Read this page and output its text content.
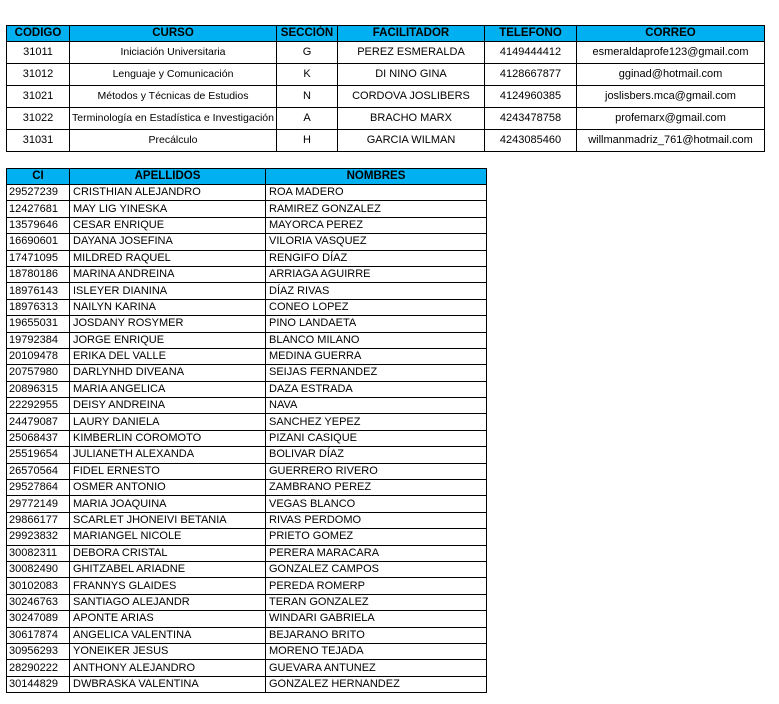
CODIGO	CURSO	SECCIÓN	FACILITADOR	TELEFONO	CORREO
31011	Iniciación Universitaria	G	PEREZ ESMERALDA	4149444412	esmeraldaprofe123@gmail.com
31012	Lenguaje y Comunicación	K	DI NINO GINA	4128667877	gginad@hotmail.com
31021	Métodos y Técnicas de Estudios	N	CORDOVA JOSLIBERS	4124960385	joslisbers.mca@gmail.com
31022	Terminología en Estadística e Investigación	A	BRACHO MARX	4243478758	profemarx@gmail.com
31031	Precálculo	H	GARCIA WILMAN	4243085460	willmanmadriz_761@hotmail.com
CI	APELLIDOS	NOMBRES
29527239	CRISTHIAN ALEJANDRO	ROA MADERO
12427681	MAY LIG YINESKA	RAMIREZ GONZALEZ
13579646	CESAR ENRIQUE	MAYORCA PEREZ
16690601	DAYANA JOSEFINA	VILORIA VASQUEZ
17471095	MILDRED RAQUEL	RENGIFO DÍAZ
18780186	MARINA ANDREINA	ARRIAGA AGUIRRE
18976143	ISLEYER DIANINA	DÍAZ RIVAS
18976313	NAILYN KARINA	CONEO LOPEZ
19655031	JOSDANY ROSYMER	PINO LANDAETA
19792384	JORGE ENRIQUE	BLANCO MILANO
20109478	ERIKA DEL VALLE	MEDINA GUERRA
20757980	DARLYNHD DIVEANA	SEIJAS FERNANDEZ
20896315	MARIA ANGELICA	DAZA ESTRADA
22292955	DEISY ANDREINA	NAVA
24479087	LAURY DANIELA	SANCHEZ YEPEZ
25068437	KIMBERLIN COROMOTO	PIZANI CASIQUE
25519654	JULIANETH ALEXANDA	BOLIVAR DÍAZ
26570564	FIDEL ERNESTO	GUERRERO RIVERO
29527864	OSMER ANTONIO	ZAMBRANO PEREZ
29772149	MARIA JOAQUINA	VEGAS BLANCO
29866177	SCARLET JHONEIVI BETANIA	RIVAS PERDOMO
29923832	MARIANGEL NICOLE	PRIETO GOMEZ
30082311	DEBORA CRISTAL	PERERA MARACARA
30082490	GHITZABEL ARIADNE	GONZALEZ CAMPOS
30102083	FRANNYS GLAIDES	PEREDA ROMERP
30246763	SANTIAGO ALEJANDR	TERAN GONZALEZ
30247089	APONTE ARIAS	WINDARI GABRIELA
30617874	ANGELICA VALENTINA	BEJARANO BRITO
30956293	YONEIKER JESUS	MORENO TEJADA
28290222	ANTHONY ALEJANDRO	GUEVARA ANTUNEZ
30144829	DWBRASKA VALENTINA	GONZALEZ HERNANDEZ
